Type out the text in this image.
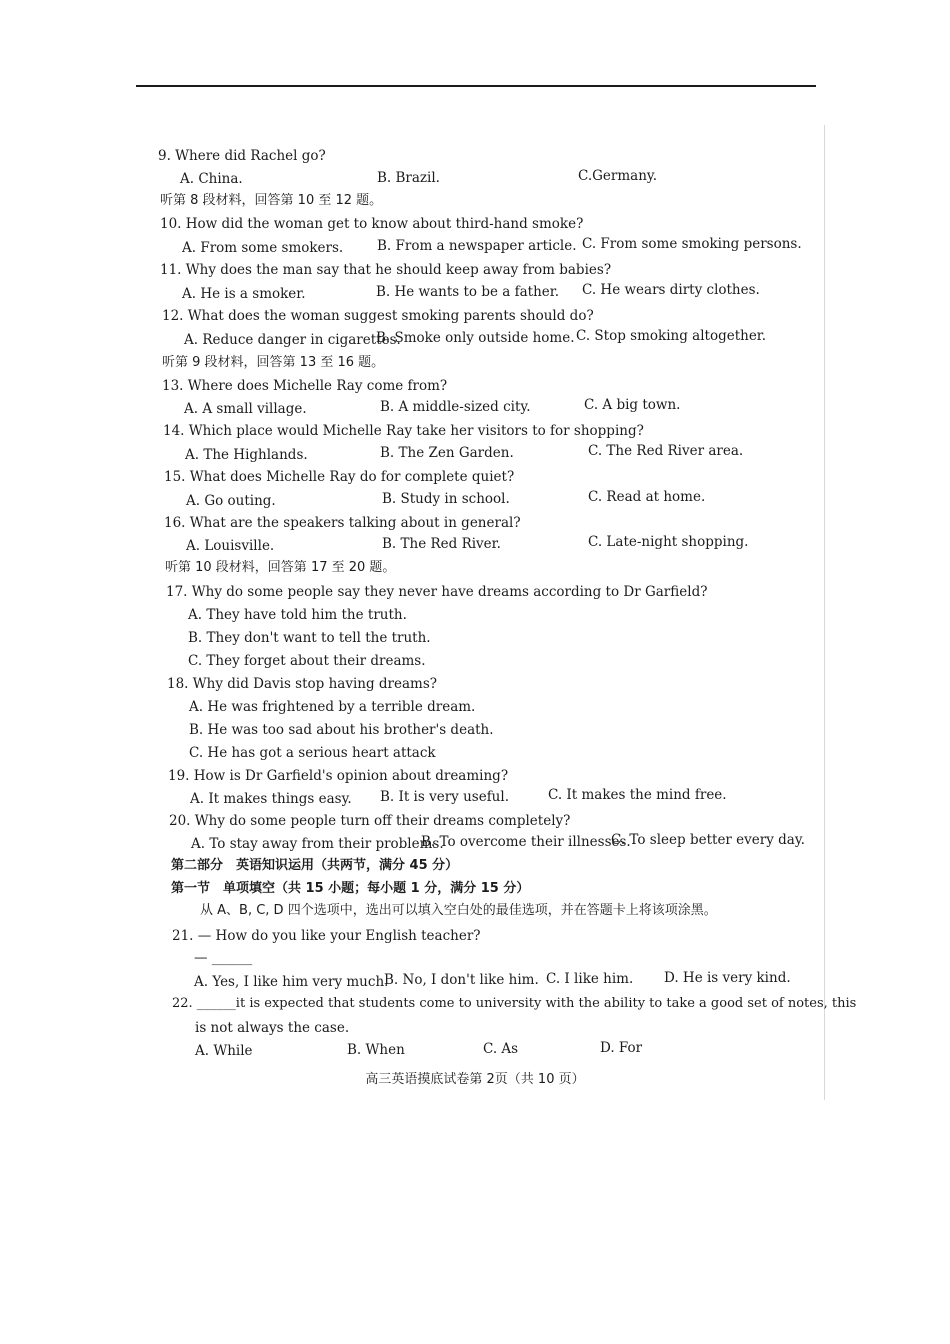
9. Where did Rachel go?
A. China.	B. Brazil.	C.Germany.
听第 8 段材料，回答第 10 至 12 题。
10. How did the woman get to know about third-hand smoke?
A. From some smokers.	B. From a newspaper article. C. From some smoking persons.
11. Why does the man say that he should keep away from babies?
A. He is a smoker.	B. He wants to be a father. C. He wears dirty clothes.
12. What does the woman suggest smoking parents should do?
A. Reduce danger in cigarettes.
B. Smoke only outside home. C. Stop smoking altogether.
听第 9 段材料，回答第 13 至 16 题。
13. Where does Michelle Ray come from?
A. A small village.	B. A middle-sized city.	C. A big town.
14. Which place would Michelle Ray take her visitors to for shopping?
A. The Highlands.	B. The Zen Garden.	C. The Red River area.
15. What does Michelle Ray do for complete quiet?
A. Go outing.	B. Study in school.	C. Read at home.
16. What are the speakers talking about in general?
A. Louisville.	B. The Red River.	C. Late-night shopping.
听第 10 段材料，回答第 17 至 20 题。
17. Why do some people say they never have dreams according to Dr Garfield?
A. They have told him the truth.
B. They don't want to tell the truth.
C. They forget about their dreams.
18. Why did Davis stop having dreams?
A. He was frightened by a terrible dream.
B. He was too sad about his brother's death.
C. He has got a serious heart attack
19. How is Dr Garfield's opinion about dreaming?
A. It makes things easy. B. It is very useful.	C. It makes the mind free.
20. Why do some people turn off their dreams completely?
A. To stay away from their problems.
B. To overcome their illnesses.
C. To sleep better every day.
第二部分　英语知识运用（共两节，满分 45 分）
第一节　单项填空（共 15 小题；每小题 1 分，满分 15 分）
从 A、B, C, D 四个选项中，选出可以填入空白处的最佳选项，并在答题卡上将该项涂黑。
21. — How do you like your English teacher?
— ______
A. Yes, I like him very much.
B. No, I don't like him. C. I like him. D. He is very kind.
22. ______it is expected that students come to university with the ability to take a good set of notes, this
is not always the case.
A. While	B. When	C. As	D. For
高三英语摸底试卷第 2页（共 10 页）
